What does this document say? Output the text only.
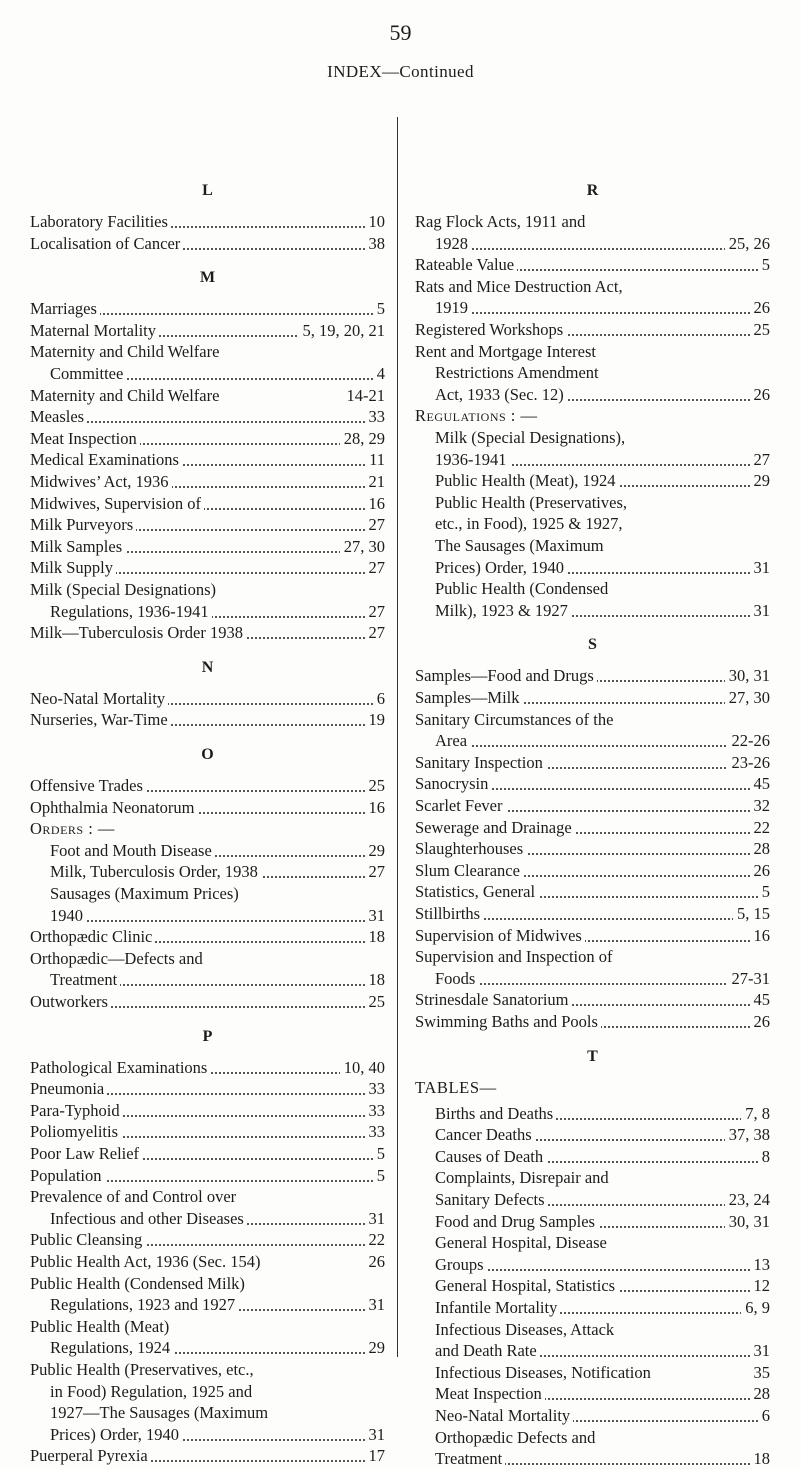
59
INDEX—Continued
L
Laboratory Facilities	10
Localisation of Cancer	38
M
Marriages	5
Maternal Mortality	5, 19, 20, 21
Maternity and Child Welfare
Committee	4
Maternity and Child Welfare	14-21
Measles	33
Meat Inspection	28, 29
Medical Examinations	11
Midwives’ Act, 1936	21
Midwives, Supervision of	16
Milk Purveyors	27
Milk Samples	27, 30
Milk Supply	27
Milk (Special Designations)
Regulations, 1936-1941	27
Milk—Tuberculosis Order 1938	27
N
Neo-Natal Mortality	6
Nurseries, War-Time	19
O
Offensive Trades	25
Ophthalmia Neonatorum	16
Orders : —
Foot and Mouth Disease	29
Milk, Tuberculosis Order, 1938	27
Sausages (Maximum Prices)
1940	31
Orthopædic Clinic	18
Orthopædic—Defects and
Treatment	18
Outworkers	25
P
Pathological Examinations	10, 40
Pneumonia	33
Para-Typhoid	33
Poliomyelitis	33
Poor Law Relief	5
Population	5
Prevalence of and Control over
Infectious and other Diseases	31
Public Cleansing	22
Public Health Act, 1936 (Sec. 154)	26
Public Health (Condensed Milk)
Regulations, 1923 and 1927	31
Public Health (Meat)
Regulations, 1924	29
Public Health (Preservatives, etc.,
in Food) Regulation, 1925 and
1927—The Sausages (Maximum
Prices) Order, 1940	31
Puerperal Pyrexia	17
R
Rag Flock Acts, 1911 and
1928	25, 26
Rateable Value	5
Rats and Mice Destruction Act,
1919	26
Registered Workshops	25
Rent and Mortgage Interest
Restrictions Amendment
Act, 1933 (Sec. 12)	26
Regulations : —
Milk (Special Designations),
1936-1941	27
Public Health (Meat), 1924	29
Public Health (Preservatives,
etc., in Food), 1925 & 1927,
The Sausages (Maximum
Prices) Order, 1940	31
Public Health (Condensed
Milk), 1923 & 1927	31
S
Samples—Food and Drugs	30, 31
Samples—Milk	27, 30
Sanitary Circumstances of the
Area	22-26
Sanitary Inspection	23-26
Sanocrysin	45
Scarlet Fever	32
Sewerage and Drainage	22
Slaughterhouses	28
Slum Clearance	26
Statistics, General	5
Stillbirths	5, 15
Supervision of Midwives	16
Supervision and Inspection of
Foods	27-31
Strinesdale Sanatorium	45
Swimming Baths and Pools	26
T
TABLES—
Births and Deaths	7, 8
Cancer Deaths	37, 38
Causes of Death	8
Complaints, Disrepair and
Sanitary Defects	23, 24
Food and Drug Samples	30, 31
General Hospital, Disease
Groups	13
General Hospital, Statistics	12
Infantile Mortality	6, 9
Infectious Diseases, Attack
and Death Rate	31
Infectious Diseases, Notification	35
Meat Inspection	28
Neo-Natal Mortality	6
Orthopædic Defects and
Treatment	18
